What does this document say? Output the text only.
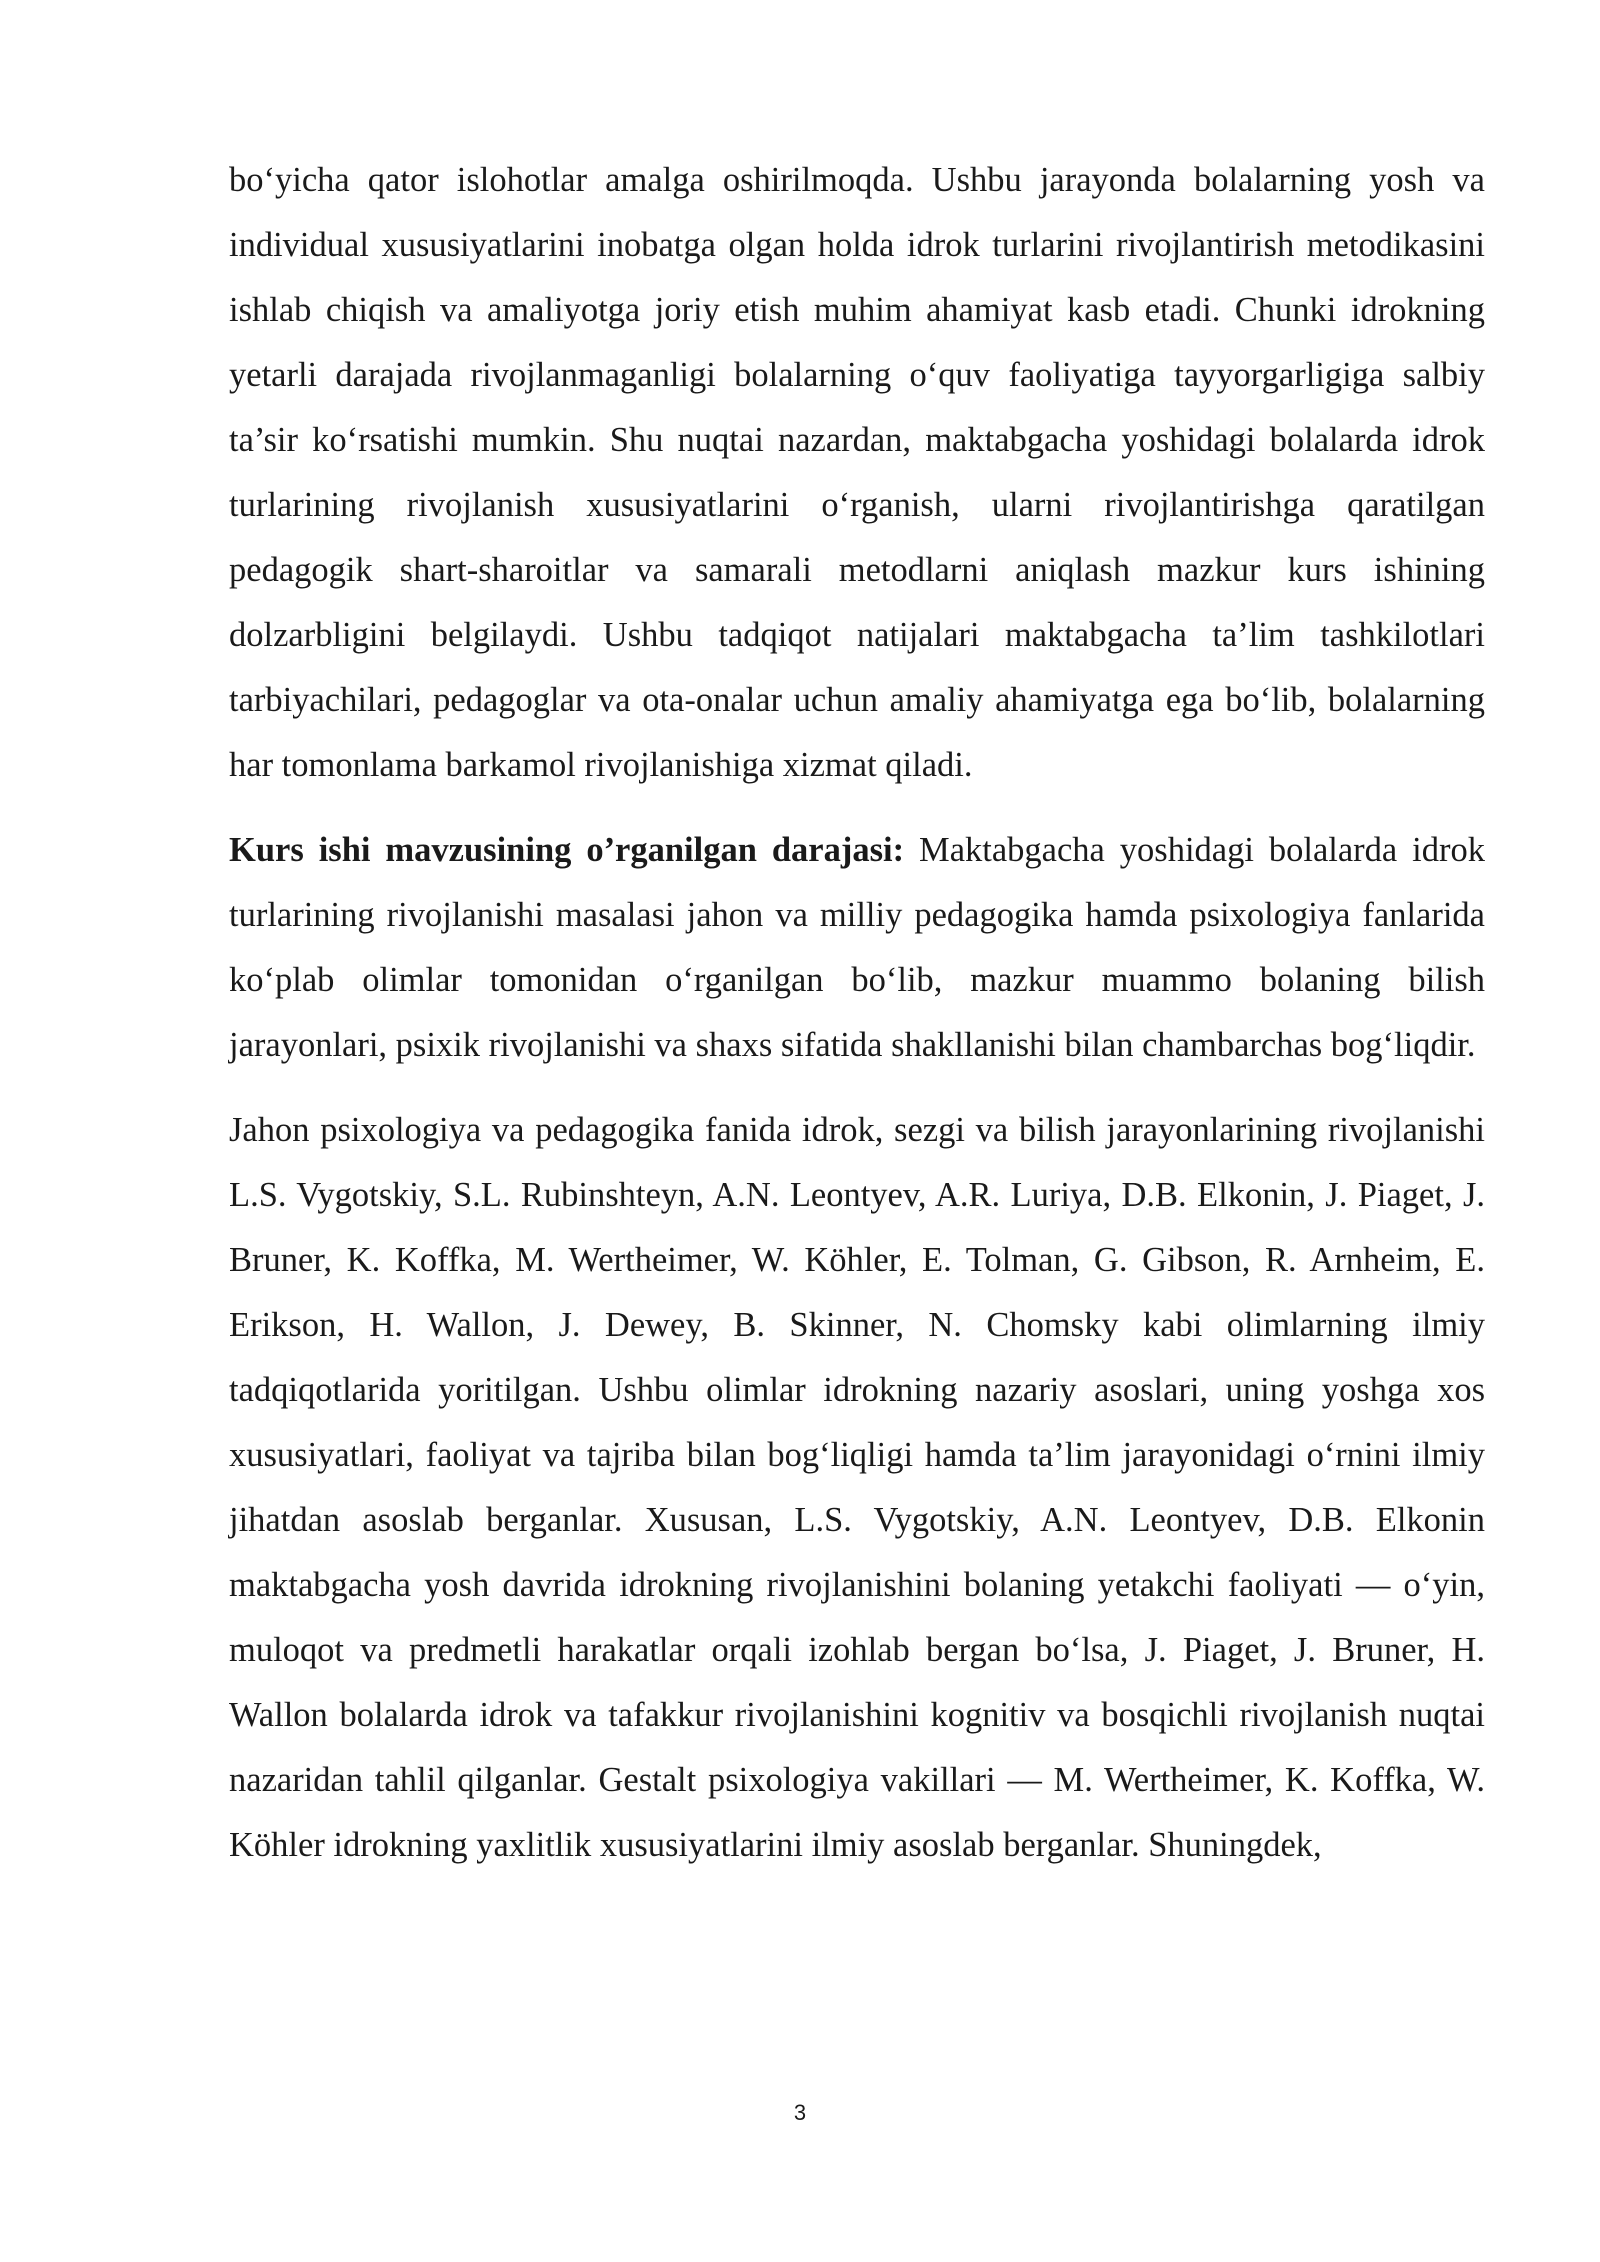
bo‘yicha qator islohotlar amalga oshirilmoqda. Ushbu jarayonda bolalarning yosh va individual xususiyatlarini inobatga olgan holda idrok turlarini rivojlantirish metodikasini ishlab chiqish va amaliyotga joriy etish muhim ahamiyat kasb etadi. Chunki idrokning yetarli darajada rivojlanmaganligi bolalarning o‘quv faoliyatiga tayyorgarligiga salbiy ta’sir ko‘rsatishi mumkin. Shu nuqtai nazardan, maktabgacha yoshidagi bolalarda idrok turlarining rivojlanish xususiyatlarini o‘rganish, ularni rivojlantirishga qaratilgan pedagogik shart-sharoitlar va samarali metodlarni aniqlash mazkur kurs ishining dolzarbligini belgilaydi. Ushbu tadqiqot natijalari maktabgacha ta’lim tashkilotlari tarbiyachilari, pedagoglar va ota-onalar uchun amaliy ahamiyatga ega bo‘lib, bolalarning har tomonlama barkamol rivojlanishiga xizmat qiladi.

Kurs ishi mavzusining o’rganilgan darajasi: Maktabgacha yoshidagi bolalarda idrok turlarining rivojlanishi masalasi jahon va milliy pedagogika hamda psixologiya fanlarida ko‘plab olimlar tomonidan o‘rganilgan bo‘lib, mazkur muammo bolaning bilish jarayonlari, psixik rivojlanishi va shaxs sifatida shakllanishi bilan chambarchas bog‘liqdir.

Jahon psixologiya va pedagogika fanida idrok, sezgi va bilish jarayonlarining rivojlanishi L.S. Vygotskiy, S.L. Rubinshteyn, A.N. Leontyev, A.R. Luriya, D.B. Elkonin, J. Piaget, J. Bruner, K. Koffka, M. Wertheimer, W. Köhler, E. Tolman, G. Gibson, R. Arnheim, E. Erikson, H. Wallon, J. Dewey, B. Skinner, N. Chomsky kabi olimlarning ilmiy tadqiqotlarida yoritilgan. Ushbu olimlar idrokning nazariy asoslari, uning yoshga xos xususiyatlari, faoliyat va tajriba bilan bog‘liqligi hamda ta’lim jarayonidagi o‘rnini ilmiy jihatdan asoslab berganlar. Xususan, L.S. Vygotskiy, A.N. Leontyev, D.B. Elkonin maktabgacha yosh davrida idrokning rivojlanishini bolaning yetakchi faoliyati — o‘yin, muloqot va predmetli harakatlar orqali izohlab bergan bo‘lsa, J. Piaget, J. Bruner, H. Wallon bolalarda idrok va tafakkur rivojlanishini kognitiv va bosqichli rivojlanish nuqtai nazaridan tahlil qilganlar. Gestalt psixologiya vakillari — M. Wertheimer, K. Koffka, W. Köhler idrokning yaxlitlik xususiyatlarini ilmiy asoslab berganlar. Shuningdek,

3
